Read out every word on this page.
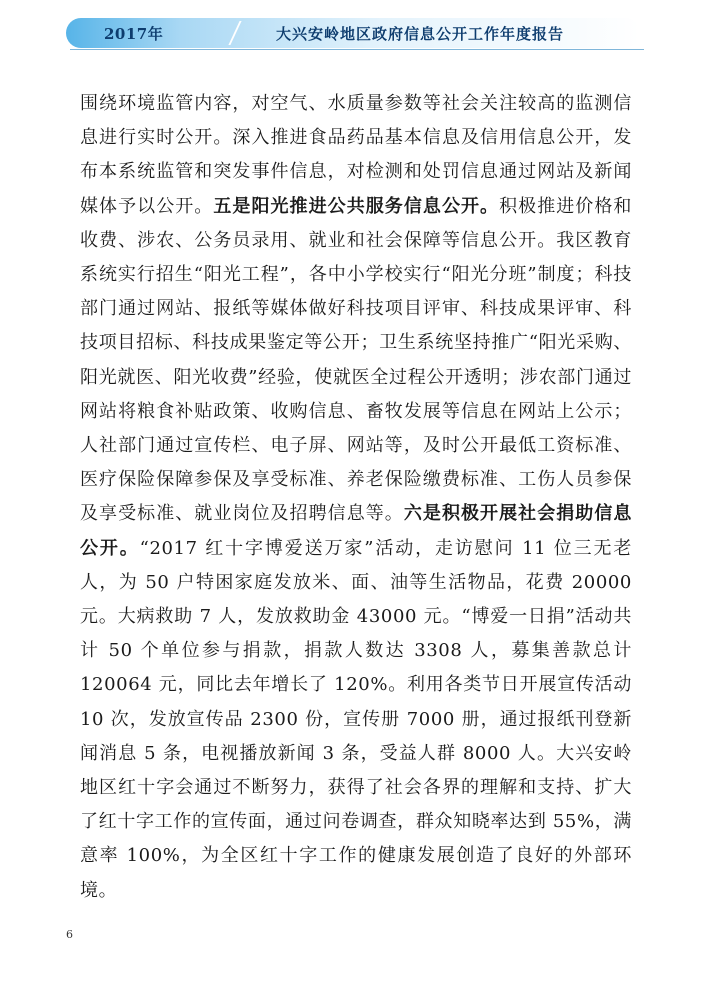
2017年	大兴安岭地区政府信息公开工作年度报告

围绕环境监管内容，对空气、水质量参数等社会关注较高的监测信息进行实时公开。深入推进食品药品基本信息及信用信息公开，发布本系统监管和突发事件信息，对检测和处罚信息通过网站及新闻媒体予以公开。五是阳光推进公共服务信息公开。积极推进价格和收费、涉农、公务员录用、就业和社会保障等信息公开。我区教育系统实行招生“阳光工程”，各中小学校实行“阳光分班”制度；科技部门通过网站、报纸等媒体做好科技项目评审、科技成果评审、科技项目招标、科技成果鉴定等公开；卫生系统坚持推广“阳光采购、阳光就医、阳光收费”经验，使就医全过程公开透明；涉农部门通过网站将粮食补贴政策、收购信息、畜牧发展等信息在网站上公示；人社部门通过宣传栏、电子屏、网站等，及时公开最低工资标准、医疗保险保障参保及享受标准、养老保险缴费标准、工伤人员参保及享受标准、就业岗位及招聘信息等。六是积极开展社会捐助信息公开。“2017 红十字博爱送万家”活动，走访慰问 11 位三无老人，为 50 户特困家庭发放米、面、油等生活物品，花费 20000 元。大病救助 7 人，发放救助金 43000 元。“博爱一日捐”活动共计 50 个单位参与捐款，捐款人数达 3308 人，募集善款总计 120064 元，同比去年增长了 120%。利用各类节日开展宣传活动 10 次，发放宣传品 2300 份，宣传册 7000 册，通过报纸刊登新闻消息 5 条，电视播放新闻 3 条，受益人群 8000 人。大兴安岭地区红十字会通过不断努力，获得了社会各界的理解和支持、扩大了红十字工作的宣传面，通过问卷调查，群众知晓率达到 55%，满意率 100%，为全区红十字工作的健康发展创造了良好的外部环境。

6
